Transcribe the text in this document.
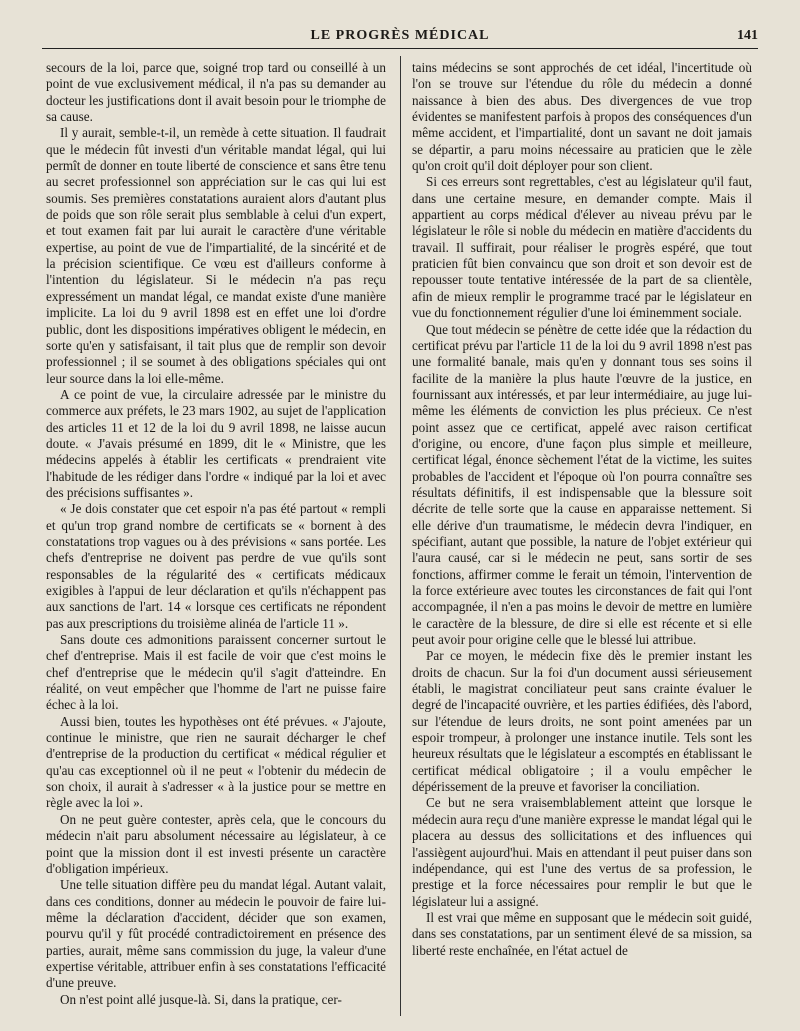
LE PROGRÈS MÉDICAL	141

secours de la loi, parce que, soigné trop tard ou conseillé à un point de vue exclusivement médical, il n'a pas su demander au docteur les justifications dont il avait besoin pour le triomphe de sa cause.

Il y aurait, semble-t-il, un remède à cette situation. Il faudrait que le médecin fût investi d'un véritable mandat légal, qui lui permît de donner en toute liberté de conscience et sans être tenu au secret professionnel son appréciation sur le cas qui lui est soumis. Ses premières constatations auraient alors d'autant plus de poids que son rôle serait plus semblable à celui d'un expert, et tout examen fait par lui aurait le caractère d'une véritable expertise, au point de vue de l'impartialité, de la sincérité et de la précision scientifique. Ce vœu est d'ailleurs conforme à l'intention du législateur. Si le médecin n'a pas reçu expressément un mandat légal, ce mandat existe d'une manière implicite. La loi du 9 avril 1898 est en effet une loi d'ordre public, dont les dispositions impératives obligent le médecin, en sorte qu'en y satisfaisant, il tait plus que de remplir son devoir professionnel ; il se soumet à des obligations spéciales qui ont leur source dans la loi elle-même.

A ce point de vue, la circulaire adressée par le ministre du commerce aux préfets, le 23 mars 1902, au sujet de l'application des articles 11 et 12 de la loi du 9 avril 1898, ne laisse aucun doute. « J'avais présumé en 1899, dit le « Ministre, que les médecins appelés à établir les certificats « prendraient vite l'habitude de les rédiger dans l'ordre « indiqué par la loi et avec des précisions suffisantes ».

« Je dois constater que cet espoir n'a pas été partout « rempli et qu'un trop grand nombre de certificats se « bornent à des constatations trop vagues ou à des prévisions « sans portée. Les chefs d'entreprise ne doivent pas perdre de vue qu'ils sont responsables de la régularité des « certificats médicaux exigibles à l'appui de leur déclaration et qu'ils n'échappent pas aux sanctions de l'art. 14 « lorsque ces certificats ne répondent pas aux prescriptions du troisième alinéa de l'article 11 ».

Sans doute ces admonitions paraissent concerner surtout le chef d'entreprise. Mais il est facile de voir que c'est moins le chef d'entreprise que le médecin qu'il s'agit d'atteindre. En réalité, on veut empêcher que l'homme de l'art ne puisse faire échec à la loi.

Aussi bien, toutes les hypothèses ont été prévues. « J'ajoute, continue le ministre, que rien ne saurait décharger le chef d'entreprise de la production du certificat « médical régulier et qu'au cas exceptionnel où il ne peut « l'obtenir du médecin de son choix, il aurait à s'adresser « à la justice pour se mettre en règle avec la loi ».

On ne peut guère contester, après cela, que le concours du médecin n'ait paru absolument nécessaire au législateur, à ce point que la mission dont il est investi présente un caractère d'obligation impérieux.

Une telle situation diffère peu du mandat légal. Autant valait, dans ces conditions, donner au médecin le pouvoir de faire lui-même la déclaration d'accident, décider que son examen, pourvu qu'il y fût procédé contradictoirement en présence des parties, aurait, même sans commission du juge, la valeur d'une expertise véritable, attribuer enfin à ses constatations l'efficacité d'une preuve.

On n'est point allé jusque-là. Si, dans la pratique, cer-

tains médecins se sont approchés de cet idéal, l'incertitude où l'on se trouve sur l'étendue du rôle du médecin a donné naissance à bien des abus. Des divergences de vue trop évidentes se manifestent parfois à propos des conséquences d'un même accident, et l'impartialité, dont un savant ne doit jamais se départir, a paru moins nécessaire au praticien que le zèle qu'on croit qu'il doit déployer pour son client.

Si ces erreurs sont regrettables, c'est au législateur qu'il faut, dans une certaine mesure, en demander compte. Mais il appartient au corps médical d'élever au niveau prévu par le législateur le rôle si noble du médecin en matière d'accidents du travail. Il suffirait, pour réaliser le progrès espéré, que tout praticien fût bien convaincu que son droit et son devoir est de repousser toute tentative intéressée de la part de sa clientèle, afin de mieux remplir le programme tracé par le législateur en vue du fonctionnement régulier d'une loi éminemment sociale.

Que tout médecin se pénètre de cette idée que la rédaction du certificat prévu par l'article 11 de la loi du 9 avril 1898 n'est pas une formalité banale, mais qu'en y donnant tous ses soins il facilite de la manière la plus haute l'œuvre de la justice, en fournissant aux intéressés, et par leur intermédiaire, au juge lui-même les éléments de conviction les plus précieux. Ce n'est point assez que ce certificat, appelé avec raison certificat d'origine, ou encore, d'une façon plus simple et meilleure, certificat légal, énonce sèchement l'état de la victime, les suites probables de l'accident et l'époque où l'on pourra connaître ses résultats définitifs, il est indispensable que la blessure soit décrite de telle sorte que la cause en apparaisse nettement. Si elle dérive d'un traumatisme, le médecin devra l'indiquer, en spécifiant, autant que possible, la nature de l'objet extérieur qui l'aura causé, car si le médecin ne peut, sans sortir de ses fonctions, affirmer comme le ferait un témoin, l'intervention de la force extérieure avec toutes les circonstances de fait qui l'ont accompagnée, il n'en a pas moins le devoir de mettre en lumière le caractère de la blessure, de dire si elle est récente et si elle peut avoir pour origine celle que le blessé lui attribue.

Par ce moyen, le médecin fixe dès le premier instant les droits de chacun. Sur la foi d'un document aussi sérieusement établi, le magistrat conciliateur peut sans crainte évaluer le degré de l'incapacité ouvrière, et les parties édifiées, dès l'abord, sur l'étendue de leurs droits, ne sont point amenées par un espoir trompeur, à prolonger une instance inutile. Tels sont les heureux résultats que le législateur a escomptés en établissant le certificat médical obligatoire ; il a voulu empêcher le dépérissement de la preuve et favoriser la conciliation.

Ce but ne sera vraisemblablement atteint que lorsque le médecin aura reçu d'une manière expresse le mandat légal qui le placera au dessus des sollicitations et des influences qui l'assiègent aujourd'hui. Mais en attendant il peut puiser dans son indépendance, qui est l'une des vertus de sa profession, le prestige et la force nécessaires pour remplir le but que le législateur lui a assigné.

Il est vrai que même en supposant que le médecin soit guidé, dans ses constatations, par un sentiment élevé de sa mission, sa liberté reste enchaînée, en l'état actuel de
